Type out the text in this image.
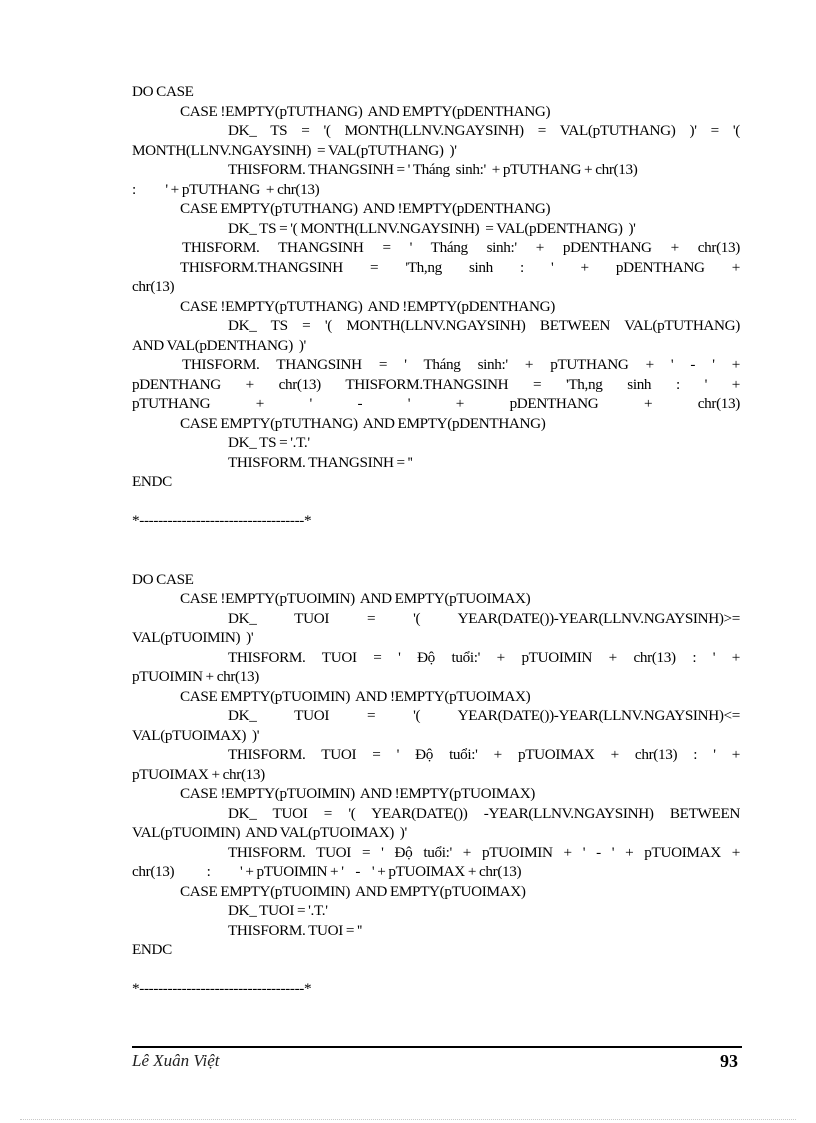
DO CASE
CASE !EMPTY(pTUTHANG)  AND EMPTY(pDENTHANG)
DK_ TS = '( MONTH(LLNV.NGAYSINH) = VAL(pTUTHANG) )' = '(
MONTH(LLNV.NGAYSINH)  = VAL(pTUTHANG)  )'
THISFORM. THANGSINH = ' Tháng  sinh:'  + pTUTHANG + chr(13)
:          ' + pTUTHANG  + chr(13)
CASE EMPTY(pTUTHANG)  AND !EMPTY(pDENTHANG)
DK_ TS = '( MONTH(LLNV.NGAYSINH)  = VAL(pDENTHANG)  )'
THISFORM. THANGSINH = ' Tháng sinh:' + pDENTHANG + chr(13)
THISFORM.THANGSINH = 'Th,ng sinh : ' + pDENTHANG +
chr(13)
CASE !EMPTY(pTUTHANG)  AND !EMPTY(pDENTHANG)
DK_ TS = '( MONTH(LLNV.NGAYSINH) BETWEEN VAL(pTUTHANG)
AND VAL(pDENTHANG)  )'
THISFORM. THANGSINH = ' Tháng sinh:' + pTUTHANG + ' - ' +
pDENTHANG + chr(13) THISFORM.THANGSINH = 'Th,ng sinh : ' +
pTUTHANG + ' - ' + pDENTHANG + chr(13)
CASE EMPTY(pTUTHANG)  AND EMPTY(pDENTHANG)
DK_ TS = '.T.'
THISFORM. THANGSINH = ''
ENDC
*-----------------------------------*
DO CASE
CASE !EMPTY(pTUOIMIN)  AND EMPTY(pTUOIMAX)
DK_ TUOI = '( YEAR(DATE())-YEAR(LLNV.NGAYSINH)>=
VAL(pTUOIMIN)  )'
THISFORM. TUOI = ' Độ tuổi:' + pTUOIMIN + chr(13) : ' +
pTUOIMIN + chr(13)
CASE EMPTY(pTUOIMIN)  AND !EMPTY(pTUOIMAX)
DK_ TUOI = '( YEAR(DATE())-YEAR(LLNV.NGAYSINH)<=
VAL(pTUOIMAX)  )'
THISFORM. TUOI = ' Độ tuổi:' + pTUOIMAX + chr(13) : ' +
pTUOIMAX + chr(13)
CASE !EMPTY(pTUOIMIN)  AND !EMPTY(pTUOIMAX)
DK_ TUOI = '( YEAR(DATE()) -YEAR(LLNV.NGAYSINH) BETWEEN
VAL(pTUOIMIN)  AND VAL(pTUOIMAX)  )'
THISFORM. TUOI = ' Độ tuổi:' + pTUOIMIN + ' - ' + pTUOIMAX +
chr(13)           :          ' + pTUOIMIN + '    -    ' + pTUOIMAX + chr(13)
CASE EMPTY(pTUOIMIN)  AND EMPTY(pTUOIMAX)
DK_ TUOI = '.T.'
THISFORM. TUOI = ''
ENDC
*-----------------------------------*
Lê Xuân Việt	93
